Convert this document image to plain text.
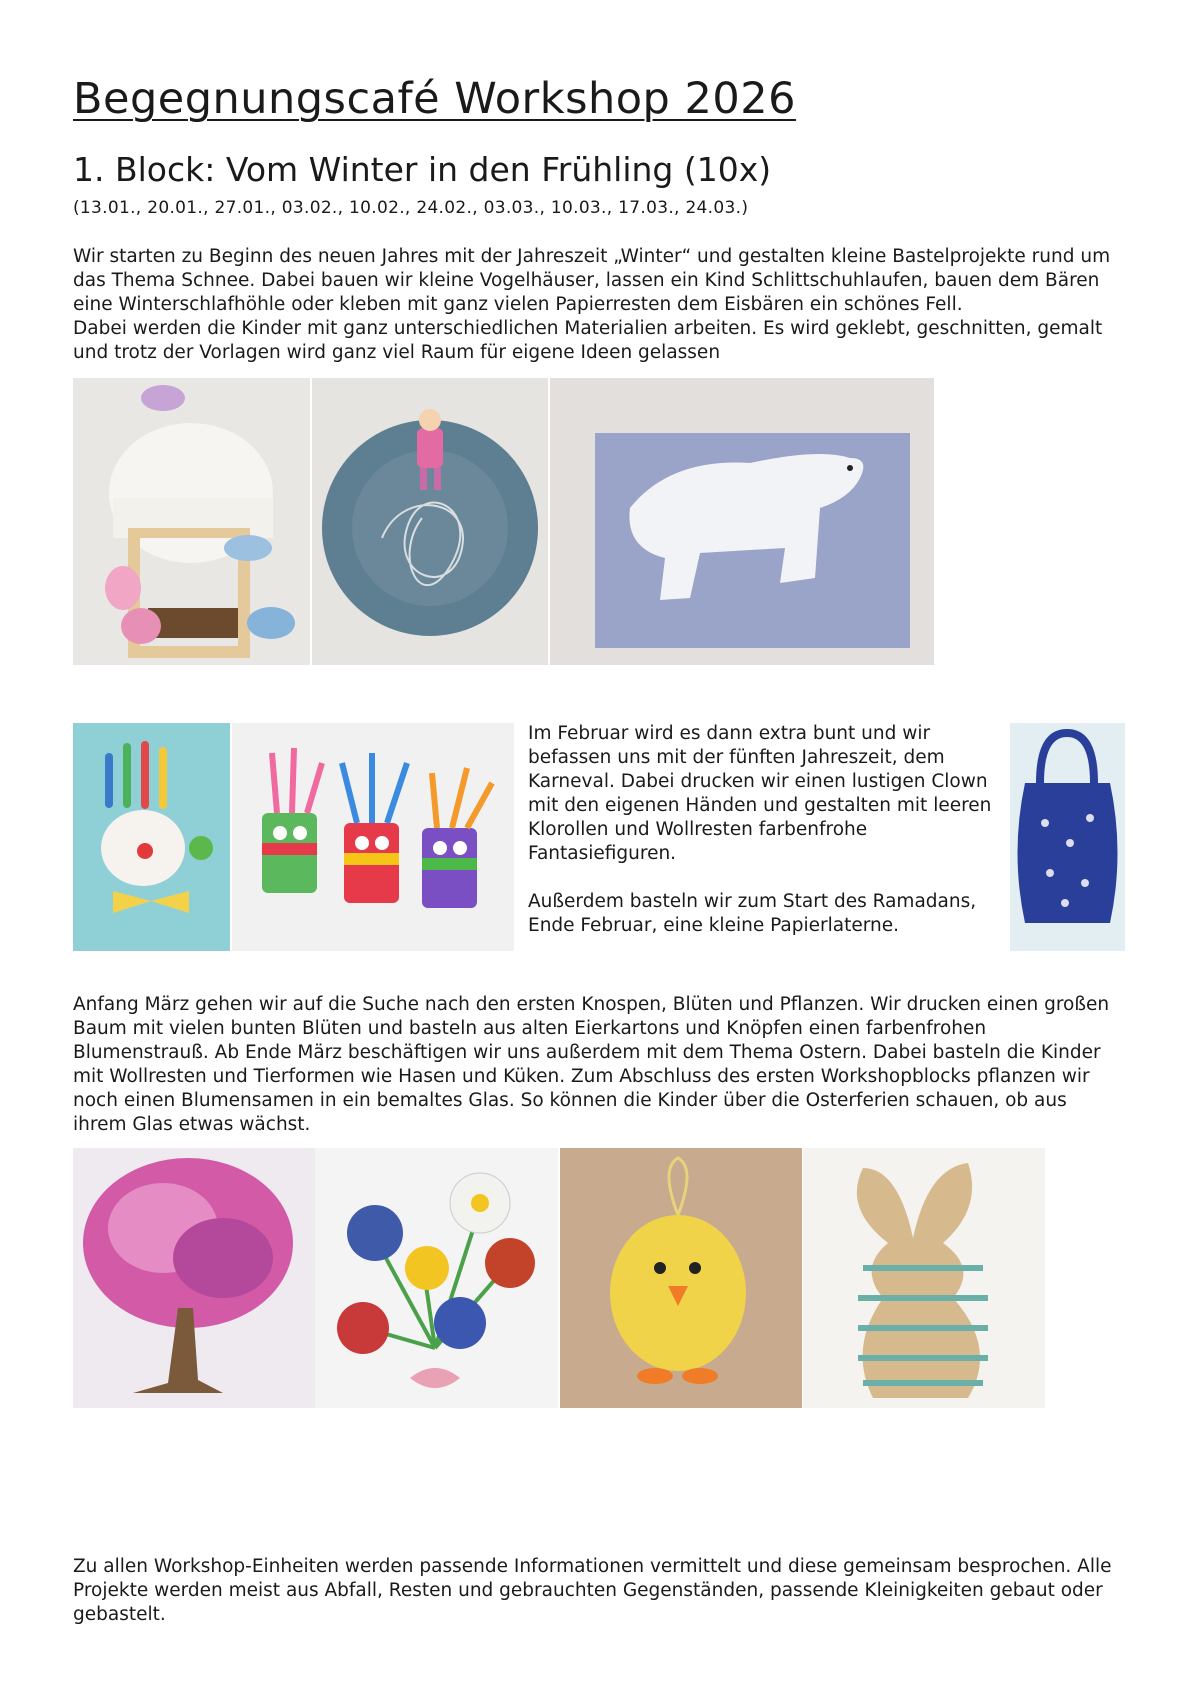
Begegnungscafé Workshop 2026
1. Block: Vom Winter in den Frühling (10x)
(13.01., 20.01., 27.01., 03.02., 10.02., 24.02., 03.03., 10.03., 17.03., 24.03.)

Wir starten zu Beginn des neuen Jahres mit der Jahreszeit „Winter“ und gestalten kleine Bastelprojekte rund um das Thema Schnee. Dabei bauen wir kleine Vogelhäuser, lassen ein Kind Schlittschuhlaufen, bauen dem Bären eine Winterschlafhöhle oder kleben mit ganz vielen Papierresten dem Eisbären ein schönes Fell.

Dabei werden die Kinder mit ganz unterschiedlichen Materialien arbeiten. Es wird geklebt, geschnitten, gemalt und trotz der Vorlagen wird ganz viel Raum für eigene Ideen gelassen

Im Februar wird es dann extra bunt und wir befassen uns mit der fünften Jahreszeit, dem Karneval. Dabei drucken wir einen lustigen Clown mit den eigenen Händen und gestalten mit leeren Klorollen und Wollresten farbenfrohe Fantasiefiguren.

Außerdem basteln wir zum Start des Ramadans, Ende Februar, eine kleine Papierlaterne.

Anfang März gehen wir auf die Suche nach den ersten Knospen, Blüten und Pflanzen. Wir drucken einen großen Baum mit vielen bunten Blüten und basteln aus alten Eierkartons und Knöpfen einen farbenfrohen Blumenstrauß. Ab Ende März beschäftigen wir uns außerdem mit dem Thema Ostern. Dabei basteln die Kinder mit Wollresten und Tierformen wie Hasen und Küken. Zum Abschluss des ersten Workshopblocks pflanzen wir noch einen Blumensamen in ein bemaltes Glas. So können die Kinder über die Osterferien schauen, ob aus ihrem Glas etwas wächst.

Zu allen Workshop-Einheiten werden passende Informationen vermittelt und diese gemeinsam besprochen. Alle Projekte werden meist aus Abfall, Resten und gebrauchten Gegenständen, passende Kleinigkeiten gebaut oder gebastelt.
